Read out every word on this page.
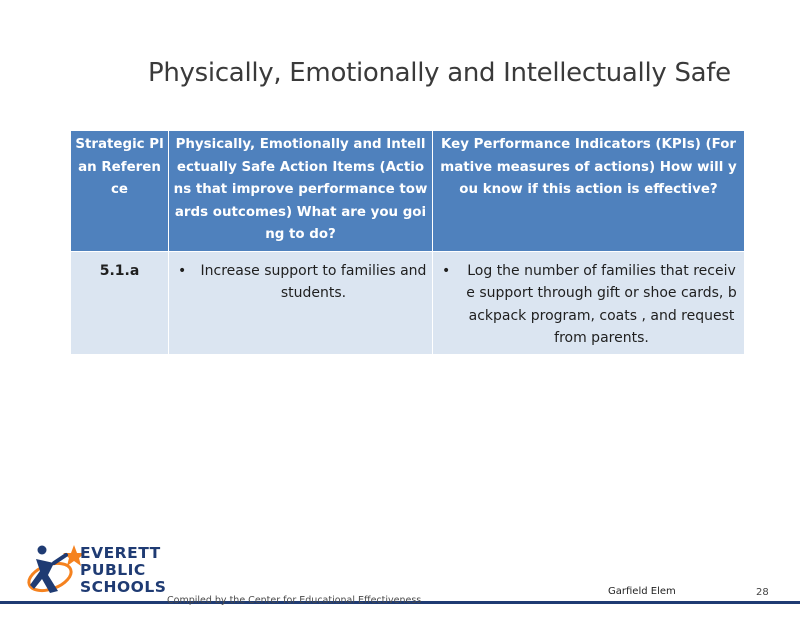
Physically, Emotionally and Intellectually Safe
Strategic Plan Reference	Physically, Emotionally and Intellectually Safe Action Items (Actions that improve performance towards outcomes) What are you going to do?	Key Performance Indicators (KPIs) (Formative measures of actions) How will you know if this action is effective?
5.1.a	• Increase support to families and students.	• Log the number of families that receive support through gift or shoe cards, backpack program, coats , and request from parents.
EVERETT
PUBLIC
SCHOOLS
Compiled by the Center for Educational Effectiveness
Garfield Elem	28
